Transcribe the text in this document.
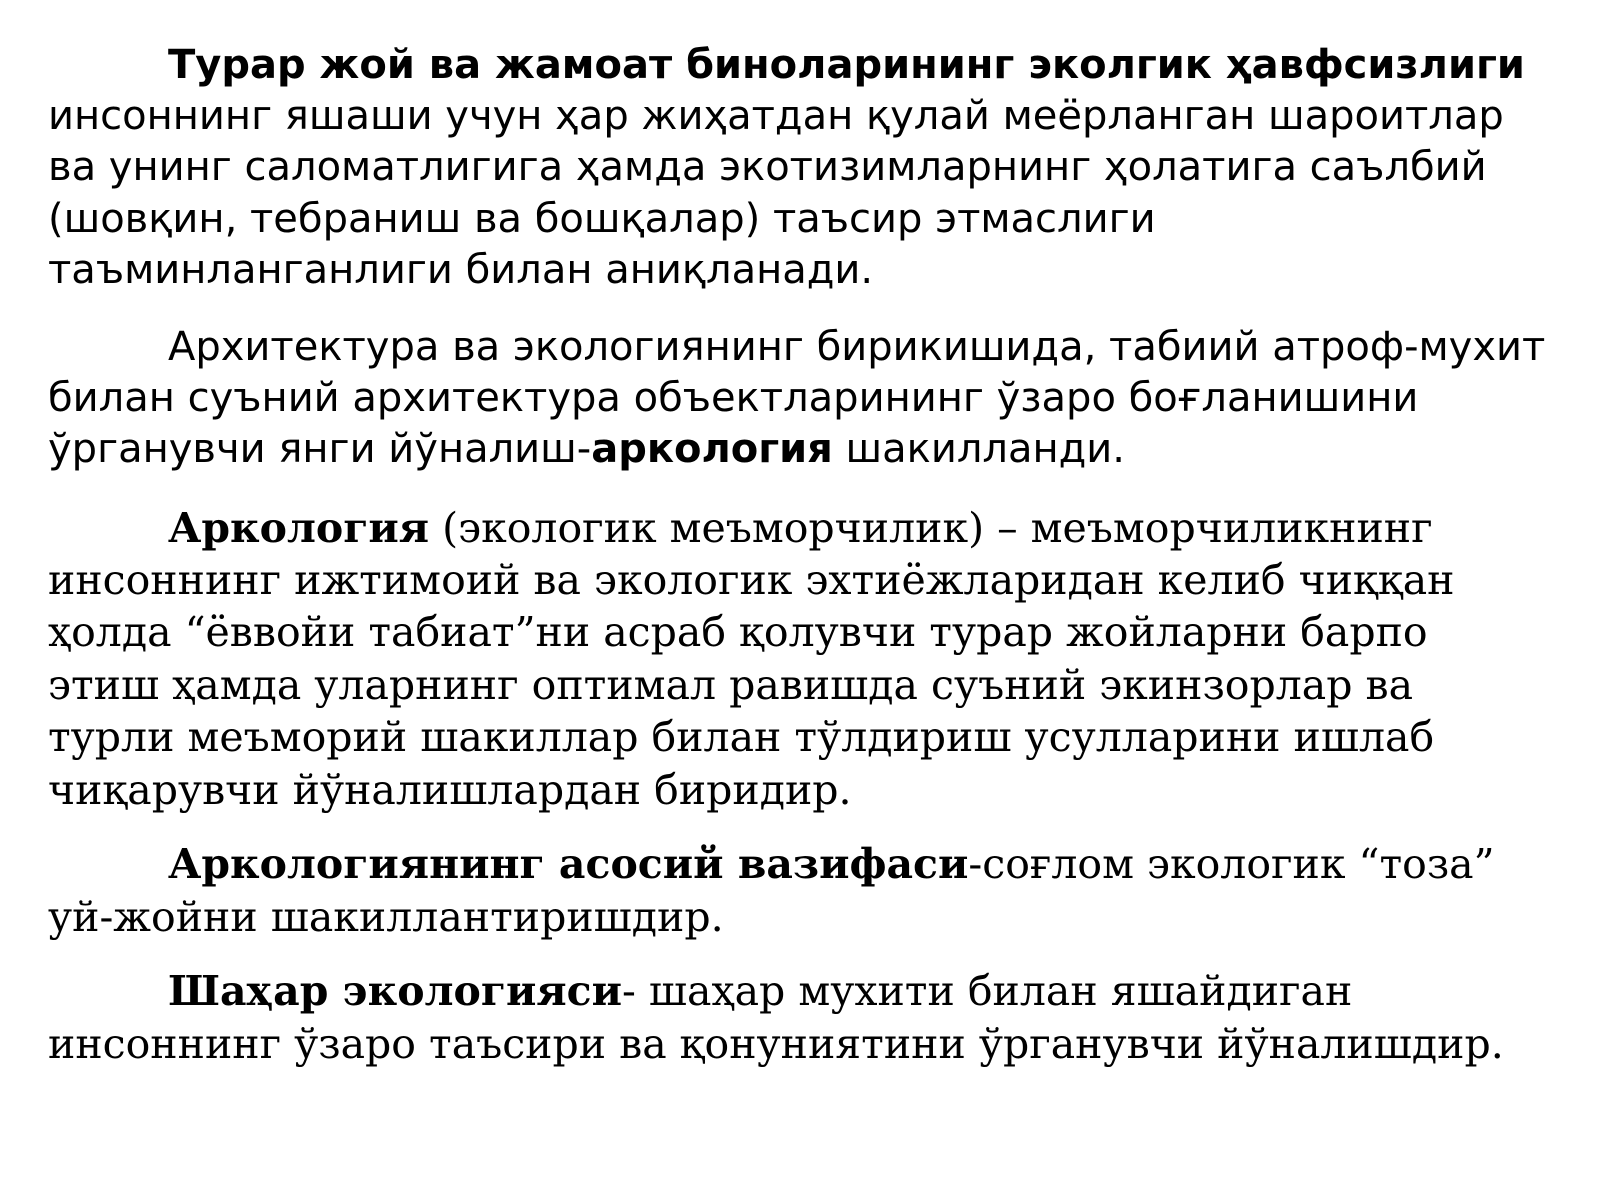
Турар жой ва жамоат биноларининг эколгик ҳавфсизлиги инсоннинг яшаши учун ҳар жиҳатдан қулай меёрланган шароитлар ва унинг саломатлигига ҳамда экотизимларнинг ҳолатига саълбий (шовқин, тебраниш ва бошқалар) таъсир этмаслиги таъминланганлиги билан аниқланади.
Архитектура ва экологиянинг бирикишида, табиий атроф-мухит билан суъний архитектура объектларининг ўзаро боғланишини ўрганувчи янги йўналиш-аркология шакилланди.
Аркология (экологик меъморчилик) – меъморчиликнинг инсоннинг ижтимоий ва экологик эхтиёжларидан келиб чиққан ҳолда “ёввойи табиат”ни асраб қолувчи турар жойларни барпо этиш ҳамда уларнинг оптимал равишда суъний экинзорлар ва турли меъморий шакиллар билан тўлдириш усулларини ишлаб чиқарувчи йўналишлардан биридир.
Аркологиянинг асосий вазифаси-соғлом экологик “тоза” уй-жойни шакиллантиришдир.
Шаҳар экологияси- шаҳар мухити билан яшайдиган инсоннинг ўзаро таъсири ва қонуниятини ўрганувчи йўналишдир.
